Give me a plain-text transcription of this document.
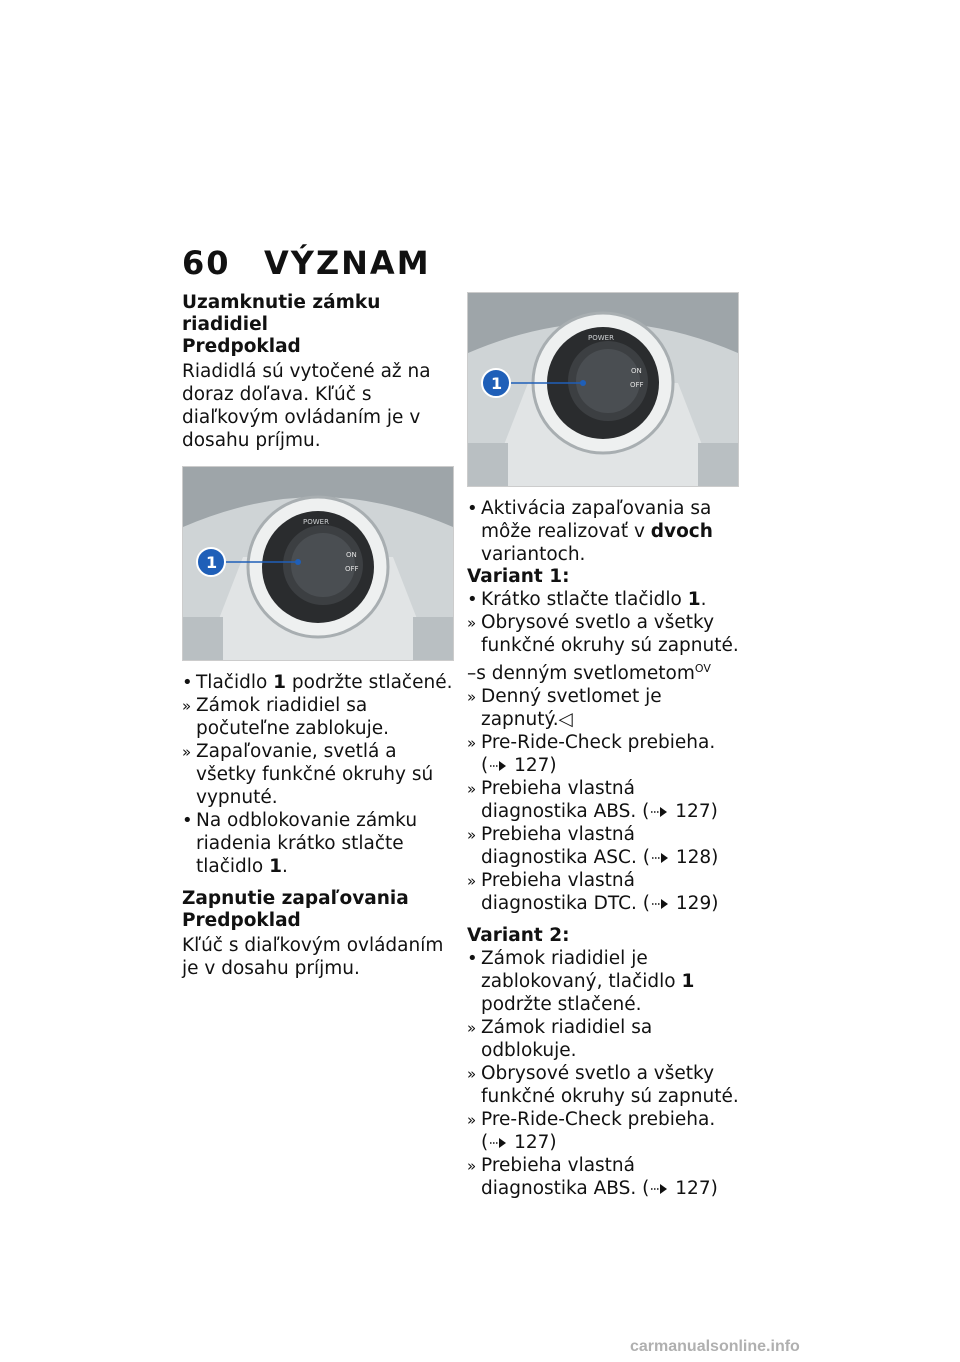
60 VÝZNAM
Uzamknutie zámku riadidiel
Predpoklad
Riadidlá sú vytočené až na doraz doľava. Kľúč s diaľkovým ovládaním je v dosahu príjmu.
POWER
ON
OFF
1
• Tlačidlo 1 podržte stlačené.
» Zámok riadidiel sa počuteľne zablokuje.
» Zapaľovanie, svetlá a všetky funkčné okruhy sú vypnuté.
• Na odblokovanie zámku riadenia krátko stlačte tlačidlo 1.
Zapnutie zapaľovania
Predpoklad
Kľúč s diaľkovým ovládaním je v dosahu príjmu.
POWER
ON
OFF
1
• Aktivácia zapaľovania sa môže realizovať v dvoch variantoch.
Variant 1:
• Krátko stlačte tlačidlo 1.
» Obrysové svetlo a všetky funkčné okruhy sú zapnuté.
–s denným svetlometom$^{OV}$
» Denný svetlomet je zapnutý.◁
» Pre-Ride-Check prebieha.
( 127)
» Prebieha vlastná diagnostika ABS. ( 127)
» Prebieha vlastná diagnostika ASC. ( 128)
» Prebieha vlastná diagnostika DTC. ( 129)
Variant 2:
• Zámok riadidiel je zablokovaný, tlačidlo 1 podržte stlačené.
» Zámok riadidiel sa odblokuje.
» Obrysové svetlo a všetky funkčné okruhy sú zapnuté.
» Pre-Ride-Check prebieha.
( 127)
» Prebieha vlastná diagnostika ABS. ( 127)
carmanualsonline.info
